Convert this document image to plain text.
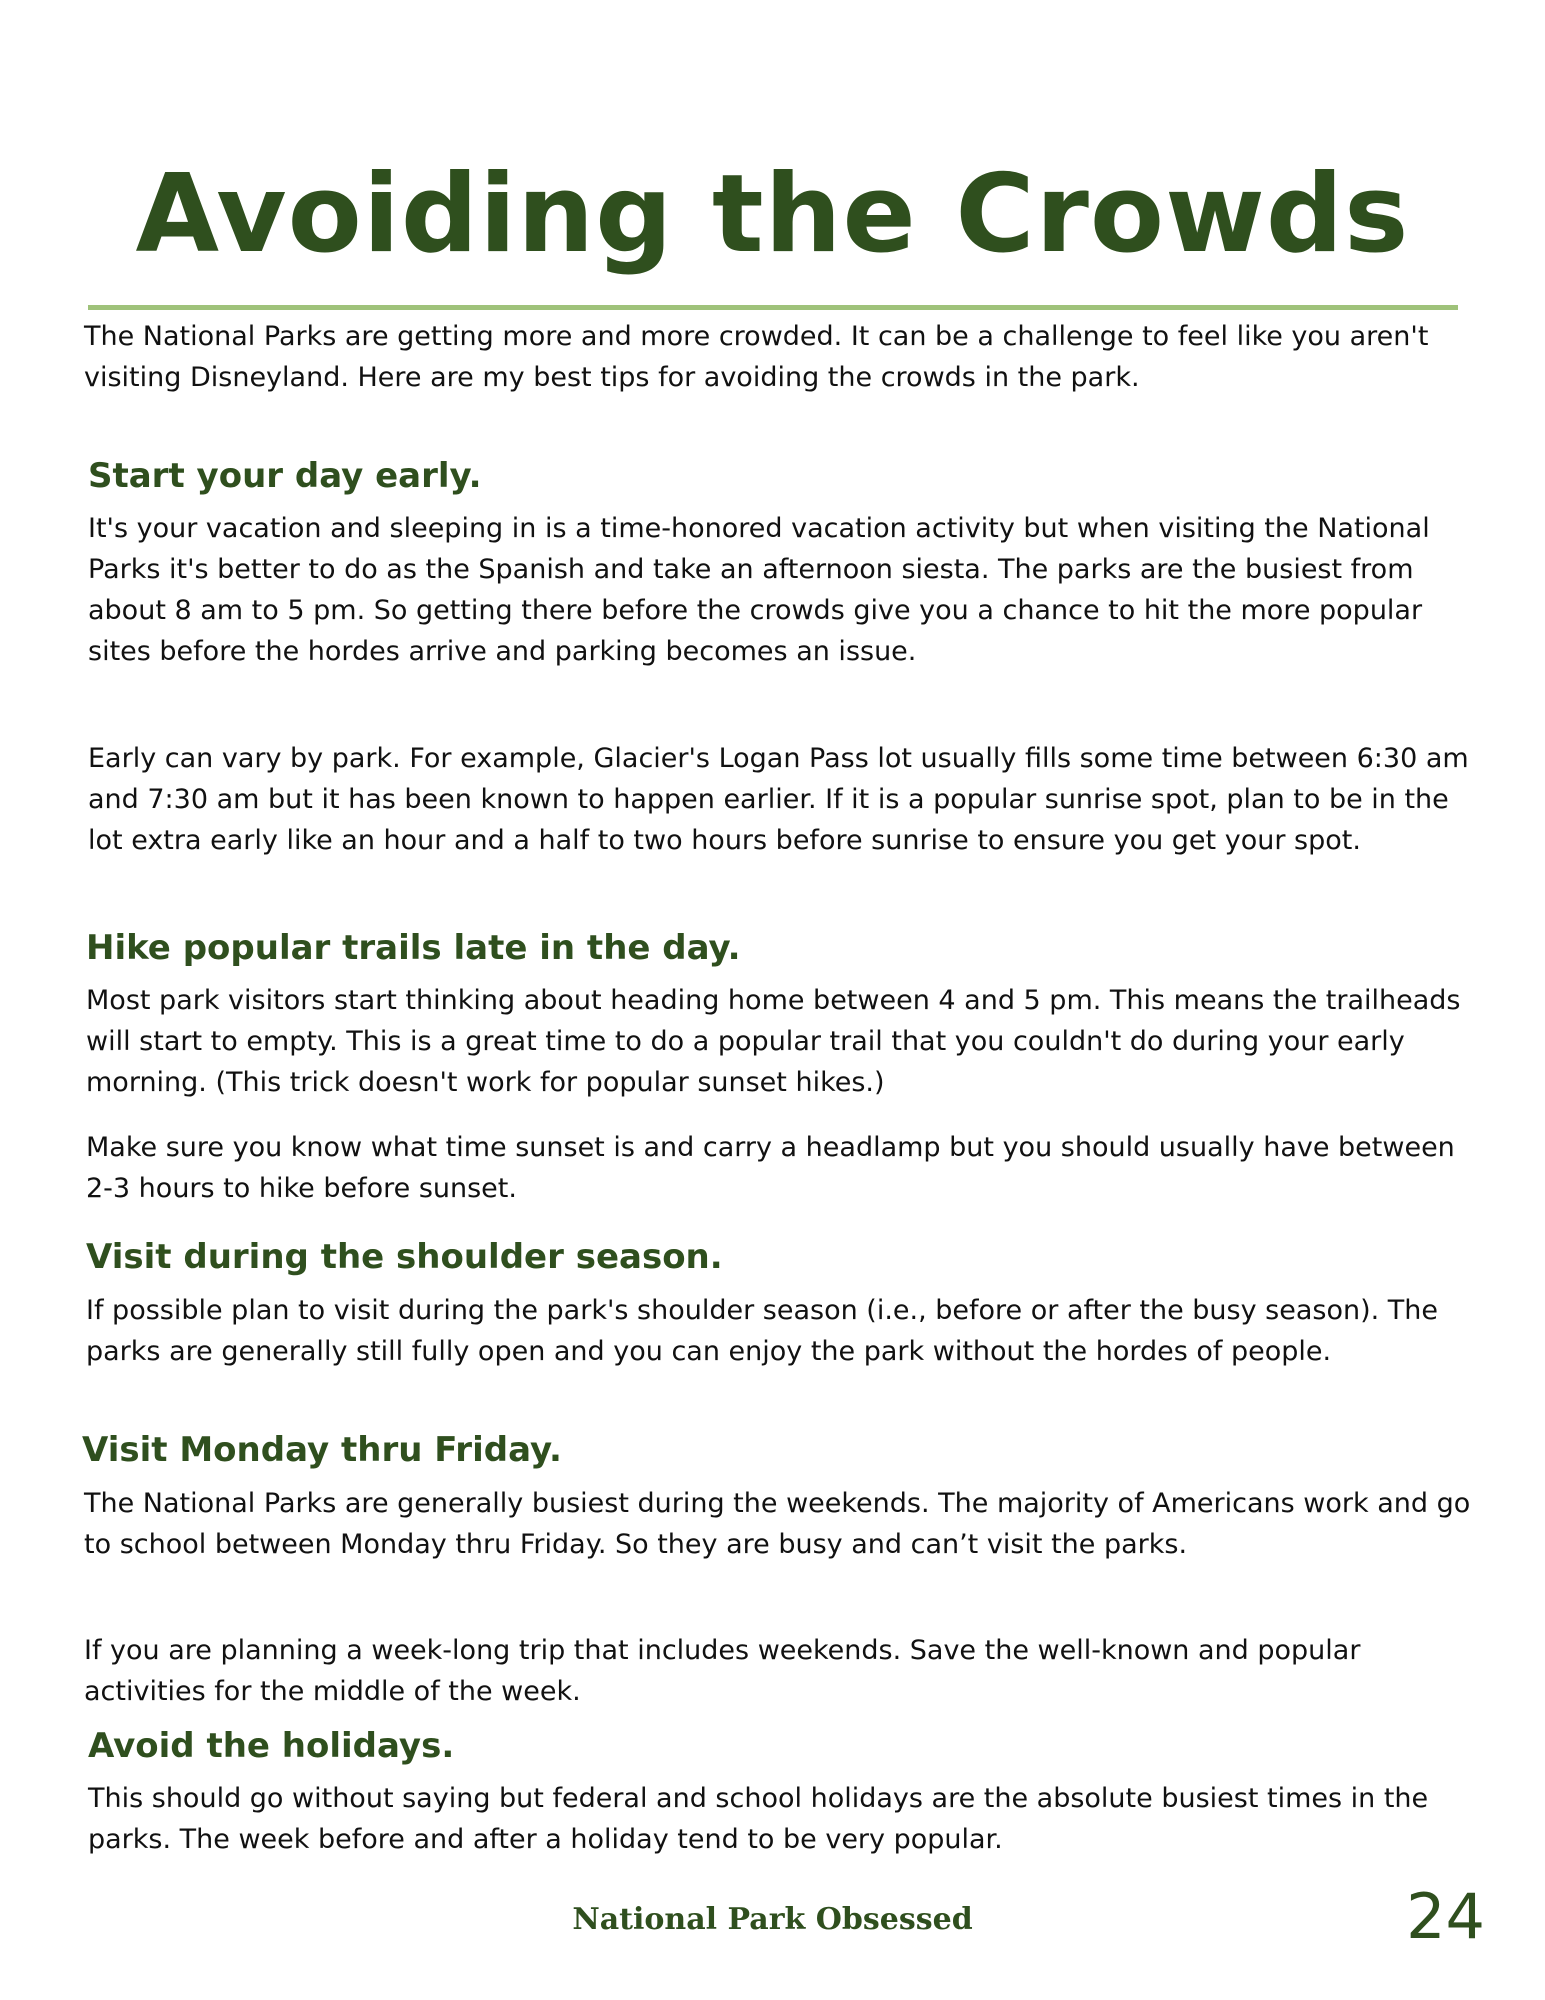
Avoiding the Crowds

The National Parks are getting more and more crowded. It can be a challenge to feel like you aren't visiting Disneyland. Here are my best tips for avoiding the crowds in the park.

Start your day early.

It's your vacation and sleeping in is a time-honored vacation activity but when visiting the National Parks it's better to do as the Spanish and take an afternoon siesta. The parks are the busiest from about 8 am to 5 pm. So getting there before the crowds give you a chance to hit the more popular sites before the hordes arrive and parking becomes an issue.

Early can vary by park. For example, Glacier's Logan Pass lot usually fills some time between 6:30 am and 7:30 am but it has been known to happen earlier. If it is a popular sunrise spot, plan to be in the lot extra early like an hour and a half to two hours before sunrise to ensure you get your spot.

Hike popular trails late in the day.

Most park visitors start thinking about heading home between 4 and 5 pm. This means the trailheads will start to empty. This is a great time to do a popular trail that you couldn't do during your early morning. (This trick doesn't work for popular sunset hikes.)

Make sure you know what time sunset is and carry a headlamp but you should usually have between 2-3 hours to hike before sunset.

Visit during the shoulder season.

If possible plan to visit during the park's shoulder season (i.e., before or after the busy season). The parks are generally still fully open and you can enjoy the park without the hordes of people.

Visit Monday thru Friday.

The National Parks are generally busiest during the weekends. The majority of Americans work and go to school between Monday thru Friday. So they are busy and can’t visit the parks.

If you are planning a week-long trip that includes weekends. Save the well-known and popular activities for the middle of the week.

Avoid the holidays.

This should go without saying but federal and school holidays are the absolute busiest times in the parks. The week before and after a holiday tend to be very popular.

National Park Obsessed	24
